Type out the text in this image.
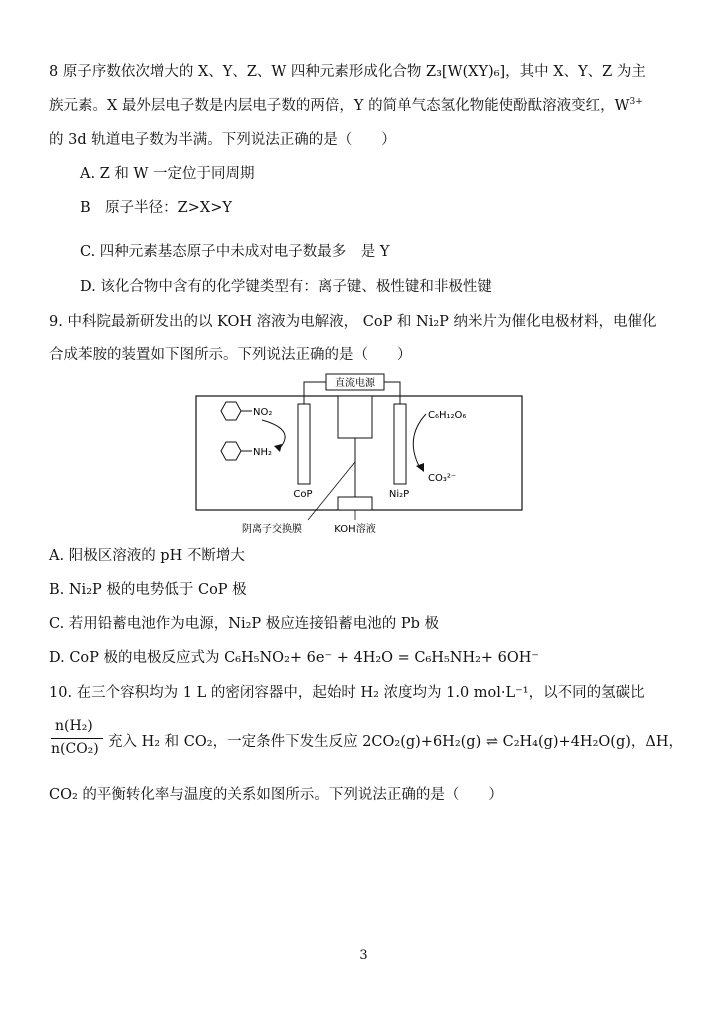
8 原子序数依次增大的 X、Y、Z、W 四种元素形成化合物 Z₃[W(XY)₆]，其中 X、Y、Z 为主
族元素。X 最外层电子数是内层电子数的两倍，Y 的简单气态氢化物能使酚酞溶液变红，$W^{3+}$
的 3d 轨道电子数为半满。下列说法正确的是（　　）
A. Z 和 W 一定位于同周期
B　原子半径：Z>X>Y
C. 四种元素基态原子中未成对电子数最多　是 Y
D. 该化合物中含有的化学键类型有：离子键、极性键和非极性键
9. 中科院最新研发出的以 KOH 溶液为电解液， CoP 和 Ni₂P 纳米片为催化电极材料，电催化
合成苯胺的装置如下图所示。下列说法正确的是（　　）
直流电源
CoP	Ni₂P
阴离子交换膜	KOH溶液
NO₂
NH₂
C₆H₁₂O₆
CO₃²⁻
A. 阳极区溶液的 pH 不断增大
B. Ni₂P 极的电势低于 CoP 极
C. 若用铅蓄电池作为电源，Ni₂P 极应连接铅蓄电池的 Pb 极
D. CoP 极的电极反应式为 C₆H₅NO₂+ 6e⁻ + 4H₂O = C₆H₅NH₂+ 6OH⁻
10. 在三个容积均为 1 L 的密闭容器中，起始时 H₂ 浓度均为 1.0 mol·L⁻¹，以不同的氢碳比
n(H₂)
n(CO₂) 充入 H₂ 和 CO₂，一定条件下发生反应 2CO₂(g)+6H₂(g) ⇌ C₂H₄(g)+4H₂O(g)，ΔH，
CO₂ 的平衡转化率与温度的关系如图所示。下列说法正确的是（　　）
3
